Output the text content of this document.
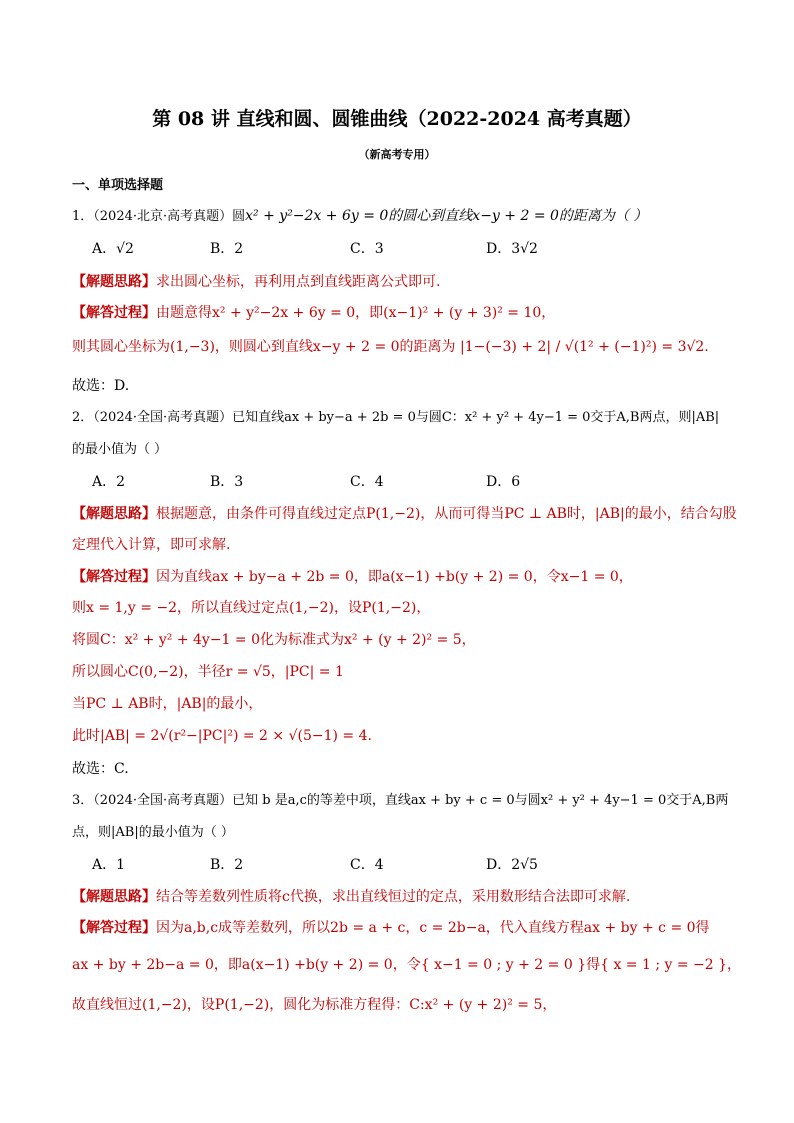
第 08 讲 直线和圆、圆锥曲线（2022-2024 高考真题）
（新高考专用）
一、单项选择题
1．（2024·北京·高考真题）圆x² + y²−2x + 6y = 0的圆心到直线x−y + 2 = 0的距离为（ ）
A．√2	B．2	C．3	D．3√2
【解题思路】求出圆心坐标，再利用点到直线距离公式即可.
【解答过程】由题意得x² + y²−2x + 6y = 0，即(x−1)² + (y + 3)² = 10，
则其圆心坐标为(1,−3)，则圆心到直线x−y + 2 = 0的距离为 |1−(−3) + 2| / √(1² + (−1)²) = 3√2.
故选：D.
2．（2024·全国·高考真题）已知直线ax + by−a + 2b = 0与圆C：x² + y² + 4y−1 = 0交于A,B两点，则|AB|
的最小值为（ ）
A．2	B．3	C．4	D．6
【解题思路】根据题意，由条件可得直线过定点P(1,−2)，从而可得当PC ⊥ AB时，|AB|的最小，结合勾股
定理代入计算，即可求解.
【解答过程】因为直线ax + by−a + 2b = 0，即a(x−1) +b(y + 2) = 0，令x−1 = 0，
则x = 1,y = −2，所以直线过定点(1,−2)，设P(1,−2)，
将圆C：x² + y² + 4y−1 = 0化为标准式为x² + (y + 2)² = 5，
所以圆心C(0,−2)，半径r = √5，|PC| = 1
当PC ⊥ AB时，|AB|的最小，
此时|AB| = 2√(r²−|PC|²) = 2 × √(5−1) = 4.
故选：C.
3．（2024·全国·高考真题）已知 b 是a,c的等差中项，直线ax + by + c = 0与圆x² + y² + 4y−1 = 0交于A,B两
点，则|AB|的最小值为（ ）
A．1	B．2	C．4	D．2√5
【解题思路】结合等差数列性质将c代换，求出直线恒过的定点，采用数形结合法即可求解.
【解答过程】因为a,b,c成等差数列，所以2b = a + c，c = 2b−a，代入直线方程ax + by + c = 0得
ax + by + 2b−a = 0，即a(x−1) +b(y + 2) = 0，令{ x−1 = 0 ; y + 2 = 0 }得{ x = 1 ; y = −2 }，
故直线恒过(1,−2)，设P(1,−2)，圆化为标准方程得：C:x² + (y + 2)² = 5，
